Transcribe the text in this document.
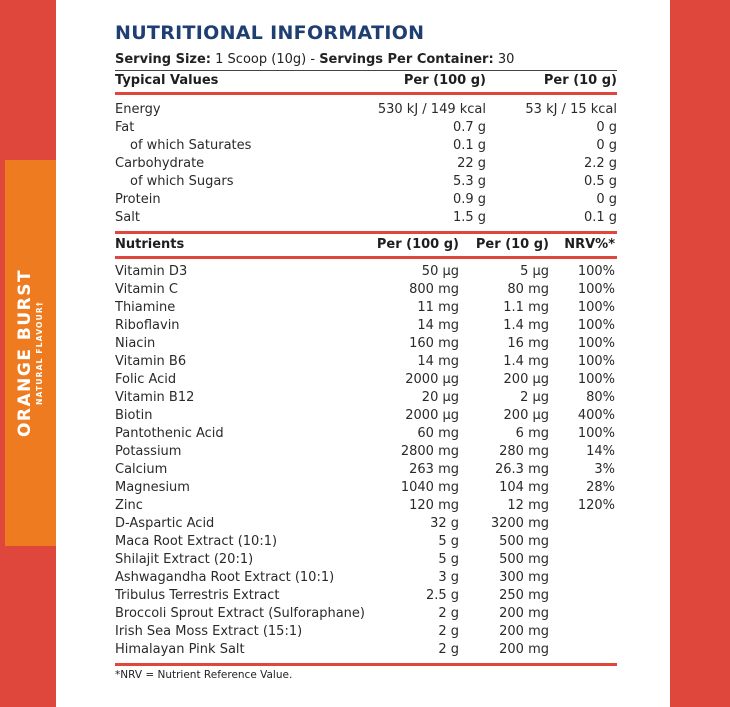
ORANGE BURST NATURAL FLAVOUR†
NUTRITIONAL INFORMATION
Serving Size: 1 Scoop (10g) - Servings Per Container: 30
Typical Values	Per (100 g)	Per (10 g)
Energy	530 kJ / 149 kcal	53 kJ / 15 kcal
Fat	0.7 g	0 g
of which Saturates	0.1 g	0 g
Carbohydrate	22 g	2.2 g
of which Sugars	5.3 g	0.5 g
Protein	0.9 g	0 g
Salt	1.5 g	0.1 g
Nutrients	Per (100 g) Per (10 g) NRV%*
Vitamin D3	50 µg	5 µg 100%
Vitamin C	800 mg	80 mg 100%
Thiamine	11 mg	1.1 mg 100%
Riboflavin	14 mg	1.4 mg 100%
Niacin	160 mg	16 mg 100%
Vitamin B6	14 mg	1.4 mg 100%
Folic Acid	2000 µg	200 µg 100%
Vitamin B12	20 µg	2 µg	80%
Biotin	2000 µg	200 µg 400%
Pantothenic Acid	60 mg	6 mg 100%
Potassium	2800 mg	280 mg	14%
Calcium	263 mg	26.3 mg	3%
Magnesium	1040 mg	104 mg	28%
Zinc	120 mg	12 mg 120%
D-Aspartic Acid	32 g 3200 mg
Maca Root Extract (10:1)	5 g	500 mg
Shilajit Extract (20:1)	5 g	500 mg
Ashwagandha Root Extract (10:1)	3 g	300 mg
Tribulus Terrestris Extract	2.5 g	250 mg
Broccoli Sprout Extract (Sulforaphane)	2 g	200 mg
Irish Sea Moss Extract (15:1)	2 g	200 mg
Himalayan Pink Salt	2 g	200 mg
*NRV = Nutrient Reference Value.
